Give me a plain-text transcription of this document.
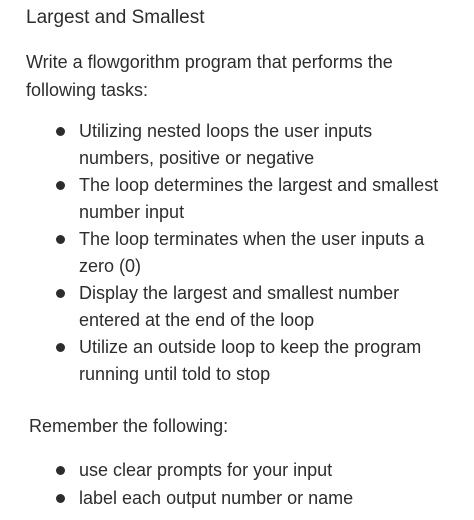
Largest and Smallest

Write a flowgorithm program that performs the following tasks:

Utilizing nested loops the user inputs
numbers, positive or negative
The loop determines the largest and smallest
number input
The loop terminates when the user inputs a
zero (0)
Display the largest and smallest number
entered at the end of the loop
Utilize an outside loop to keep the program
running until told to stop

Remember the following:

use clear prompts for your input
label each output number or name
